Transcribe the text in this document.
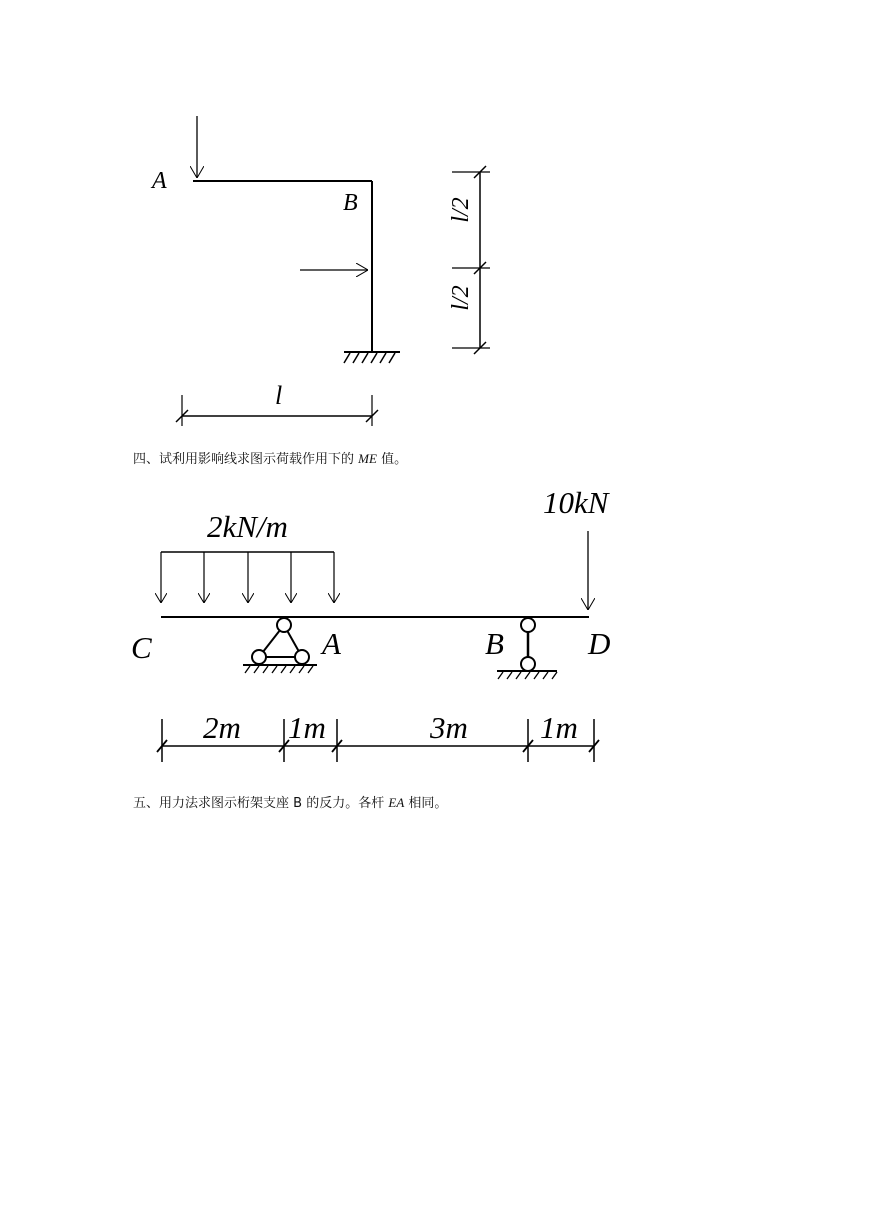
A
B	l/2
l/2
l
2kN/m
10kN
C	A	B	D
2m 1m	3m 1m
四、试利用影响线求图示荷载作用下的 ME 值。
五、用力法求图示桁架支座 B 的反力。各杆 EA 相同。
